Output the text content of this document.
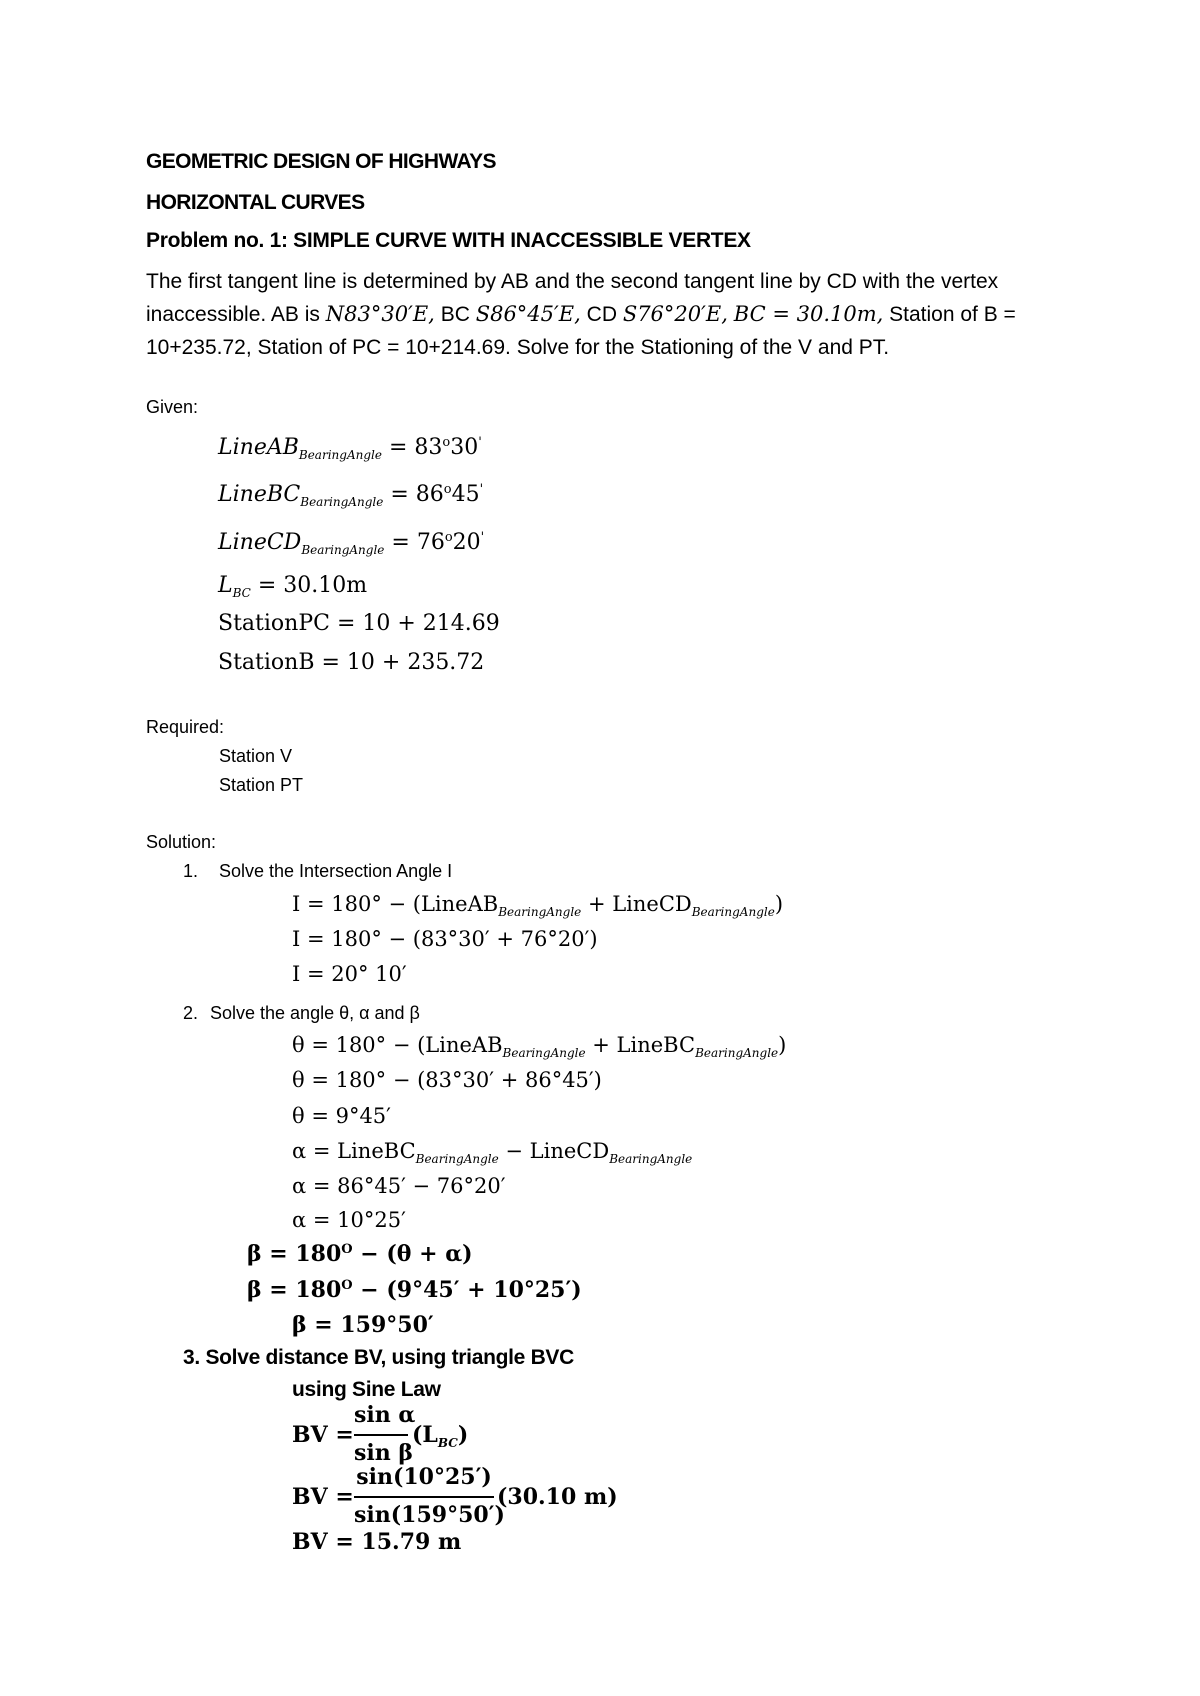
GEOMETRIC DESIGN OF HIGHWAYS
HORIZONTAL CURVES
Problem no. 1: SIMPLE CURVE WITH INACCESSIBLE VERTEX
The first tangent line is determined by AB and the second tangent line by CD with the vertex
inaccessible. AB is N83°30′E, BC S86°45′E, CD S76°20′E, BC = 30.10m, Station of B =
10+235.72, Station of PC = 10+214.69. Solve for the Stationing of the V and PT.
Given:
LineAB$_{BearingAngle}$ = $83^o30'$
LineBC$_{BearingAngle}$ = $86^o45'$
LineCD$_{BearingAngle}$ = $76^o20'$
$L_{BC} = 30.10m$
StationPC = 10 + 214.69
StationB = 10 + 235.72
Required:
Station V
Station PT
Solution:
1. Solve the Intersection Angle I
I = 180° − (LineAB$_{BearingAngle}$ + LineCD$_{BearingAngle}$)
I = 180° − (83°30′ + 76°20′)
I = 20° 10′
2. Solve the angle θ, α and β
θ = 180° − (LineAB$_{BearingAngle}$ + LineBC$_{BearingAngle}$)
θ = 180° − (83°30′ + 86°45′)
θ = 9°45′
α = LineBC$_{BearingAngle}$ − LineCD$_{BearingAngle}$
α = 86°45′ − 76°20′
α = 10°25′
$\beta = 180^O - (\theta + \alpha)$
$\beta = 180^O - (9^\circ 45' + 10^\circ 25')$
β = 159°50′
3. Solve distance BV, using triangle BVC
using Sine Law
BV =
sin α
sin β
$(L_{BC})$
BV =
sin(10°25′)
sin(159°50′)
(30.10 m)
BV = 15.79 m
